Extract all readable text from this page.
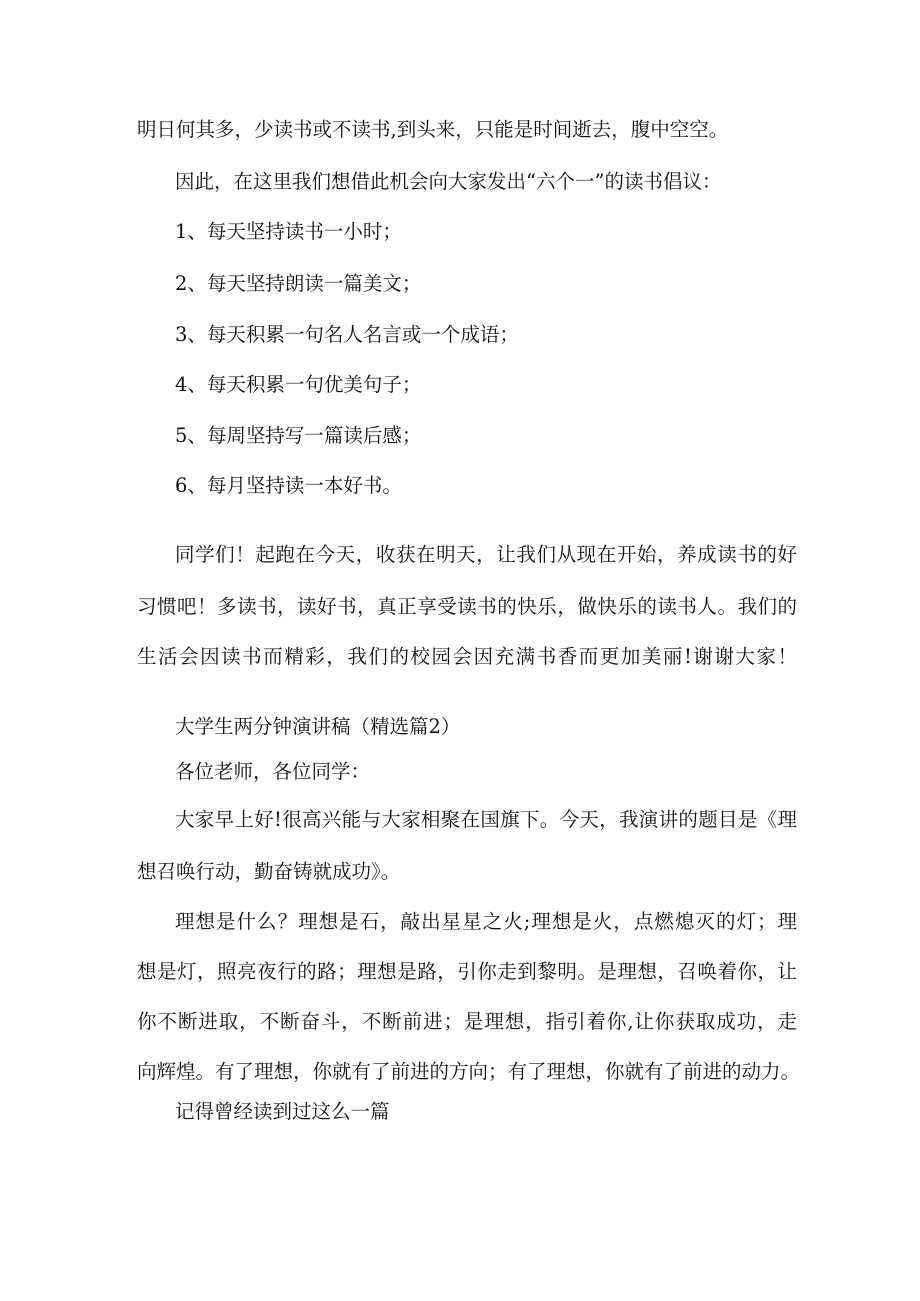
明日何其多，少读书或不读书,到头来，只能是时间逝去，腹中空空。
因此，在这里我们想借此机会向大家发出“六个一”的读书倡议：
1、每天坚持读书一小时；
2、每天坚持朗读一篇美文；
3、每天积累一句名人名言或一个成语；
4、每天积累一句优美句子；
5、每周坚持写一篇读后感；
6、每月坚持读一本好书。
同学们！起跑在今天，收获在明天，让我们从现在开始，养成读书的好
习惯吧！多读书，读好书，真正享受读书的快乐，做快乐的读书人。我们的
生活会因读书而精彩，我们的校园会因充满书香而更加美丽!谢谢大家！
大学生两分钟演讲稿（精选篇2）
各位老师，各位同学：
大家早上好!很高兴能与大家相聚在国旗下。今天，我演讲的题目是《理
想召唤行动，勤奋铸就成功》。
理想是什么？理想是石，敲出星星之火;理想是火，点燃熄灭的灯；理
想是灯，照亮夜行的路；理想是路，引你走到黎明。是理想，召唤着你，让
你不断进取，不断奋斗，不断前进；是理想，指引着你,让你获取成功，走
向辉煌。有了理想，你就有了前进的方向；有了理想，你就有了前进的动力。
记得曾经读到过这么一篇
